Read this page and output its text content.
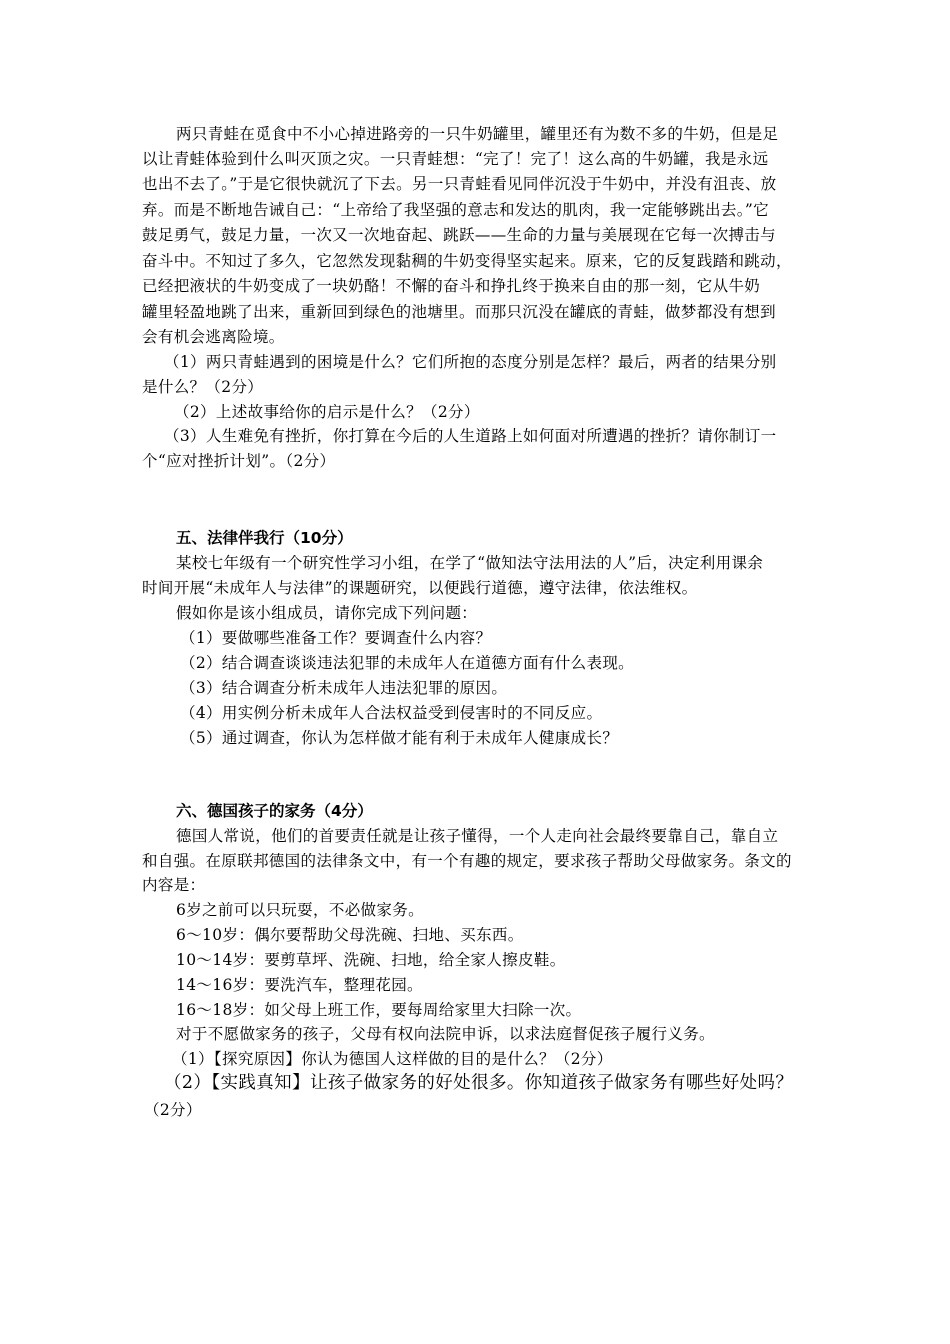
两只青蛙在觅食中不小心掉进路旁的一只牛奶罐里，罐里还有为数不多的牛奶，但是足
以让青蛙体验到什么叫灭顶之灾。一只青蛙想：“完了！完了！这么高的牛奶罐，我是永远
也出不去了。”于是它很快就沉了下去。另一只青蛙看见同伴沉没于牛奶中，并没有沮丧、放
弃。而是不断地告诫自己：“上帝给了我坚强的意志和发达的肌肉，我一定能够跳出去。”它
鼓足勇气，鼓足力量，一次又一次地奋起、跳跃——生命的力量与美展现在它每一次搏击与
奋斗中。不知过了多久，它忽然发现黏稠的牛奶变得坚实起来。原来，它的反复践踏和跳动，
已经把液状的牛奶变成了一块奶酪！不懈的奋斗和挣扎终于换来自由的那一刻，它从牛奶
罐里轻盈地跳了出来，重新回到绿色的池塘里。而那只沉没在罐底的青蛙，做梦都没有想到
会有机会逃离险境。
（1）两只青蛙遇到的困境是什么？它们所抱的态度分别是怎样？最后，两者的结果分别
是什么？（2分）
（2）上述故事给你的启示是什么？（2分）
（3）人生难免有挫折，你打算在今后的人生道路上如何面对所遭遇的挫折？请你制订一
个“应对挫折计划”。（2分）
五、法律伴我行（10分）
某校七年级有一个研究性学习小组，在学了“做知法守法用法的人”后，决定利用课余
时间开展“未成年人与法律”的课题研究，以便践行道德，遵守法律，依法维权。
假如你是该小组成员，请你完成下列问题：
（1）要做哪些准备工作？要调查什么内容？
（2）结合调查谈谈违法犯罪的未成年人在道德方面有什么表现。
（3）结合调查分析未成年人违法犯罪的原因。
（4）用实例分析未成年人合法权益受到侵害时的不同反应。
（5）通过调查，你认为怎样做才能有利于未成年人健康成长？
六、德国孩子的家务（4分）
德国人常说，他们的首要责任就是让孩子懂得，一个人走向社会最终要靠自己，靠自立
和自强。在原联邦德国的法律条文中，有一个有趣的规定，要求孩子帮助父母做家务。条文的
内容是：
6岁之前可以只玩耍，不必做家务。
6～10岁：偶尔要帮助父母洗碗、扫地、买东西。
10～14岁：要剪草坪、洗碗、扫地，给全家人擦皮鞋。
14～16岁：要洗汽车，整理花园。
16～18岁：如父母上班工作，要每周给家里大扫除一次。
对于不愿做家务的孩子，父母有权向法院申诉，以求法庭督促孩子履行义务。
（1）【探究原因】你认为德国人这样做的目的是什么？（2分）
（2）【实践真知】让孩子做家务的好处很多。你知道孩子做家务有哪些好处吗？
（2分）
